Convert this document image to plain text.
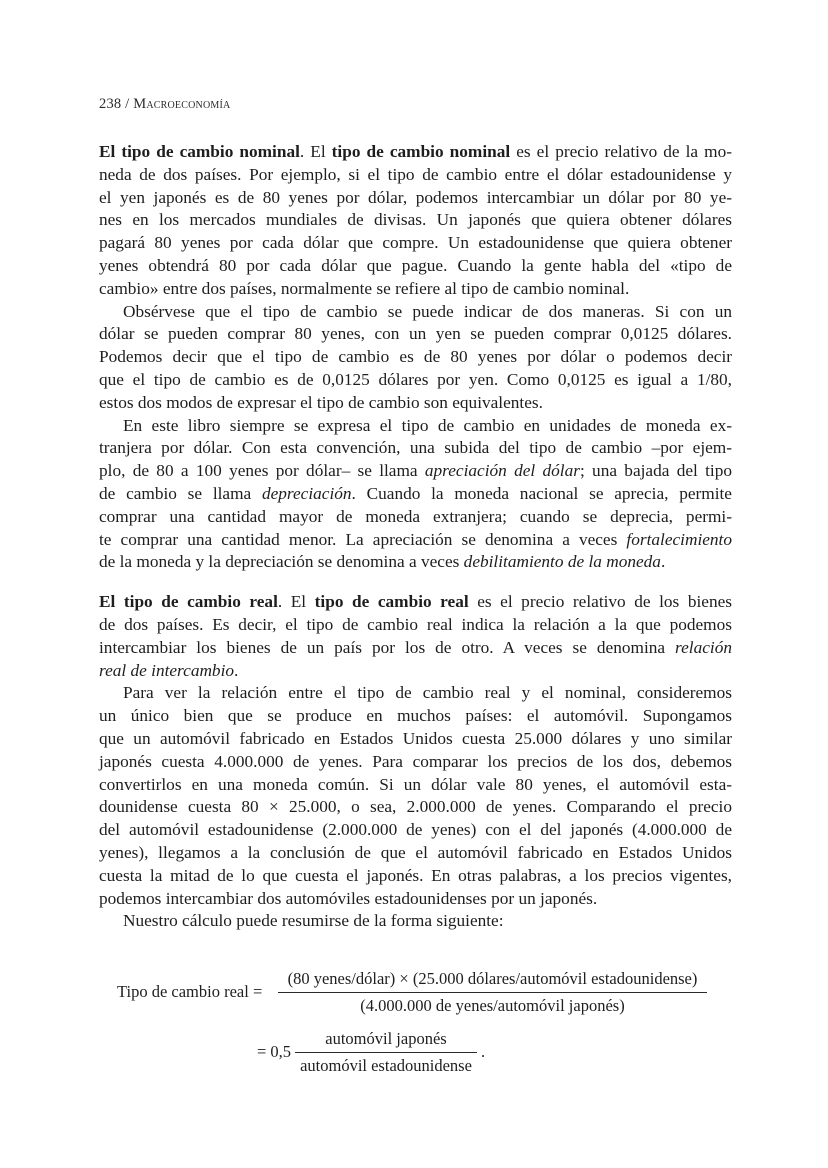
238 / Macroeconomía

El tipo de cambio nominal. El tipo de cambio nominal es el precio relativo de la mo-
neda de dos países. Por ejemplo, si el tipo de cambio entre el dólar estadounidense y
el yen japonés es de 80 yenes por dólar, podemos intercambiar un dólar por 80 ye-
nes en los mercados mundiales de divisas. Un japonés que quiera obtener dólares
pagará 80 yenes por cada dólar que compre. Un estadounidense que quiera obtener
yenes obtendrá 80 por cada dólar que pague. Cuando la gente habla del «tipo de
cambio» entre dos países, normalmente se refiere al tipo de cambio nominal.

Obsérvese que el tipo de cambio se puede indicar de dos maneras. Si con un
dólar se pueden comprar 80 yenes, con un yen se pueden comprar 0,0125 dólares.
Podemos decir que el tipo de cambio es de 80 yenes por dólar o podemos decir
que el tipo de cambio es de 0,0125 dólares por yen. Como 0,0125 es igual a 1/80,
estos dos modos de expresar el tipo de cambio son equivalentes.

En este libro siempre se expresa el tipo de cambio en unidades de moneda ex-
tranjera por dólar. Con esta convención, una subida del tipo de cambio –por ejem-
plo, de 80 a 100 yenes por dólar– se llama apreciación del dólar; una bajada del tipo
de cambio se llama depreciación. Cuando la moneda nacional se aprecia, permite
comprar una cantidad mayor de moneda extranjera; cuando se deprecia, permi-
te comprar una cantidad menor. La apreciación se denomina a veces fortalecimiento
de la moneda y la depreciación se denomina a veces debilitamiento de la moneda.

El tipo de cambio real. El tipo de cambio real es el precio relativo de los bienes
de dos países. Es decir, el tipo de cambio real indica la relación a la que podemos
intercambiar los bienes de un país por los de otro. A veces se denomina relación
real de intercambio.

Para ver la relación entre el tipo de cambio real y el nominal, consideremos
un único bien que se produce en muchos países: el automóvil. Supongamos
que un automóvil fabricado en Estados Unidos cuesta 25.000 dólares y uno similar
japonés cuesta 4.000.000 de yenes. Para comparar los precios de los dos, debemos
convertirlos en una moneda común. Si un dólar vale 80 yenes, el automóvil esta-
dounidense cuesta 80 × 25.000, o sea, 2.000.000 de yenes. Comparando el precio
del automóvil estadounidense (2.000.000 de yenes) con el del japonés (4.000.000 de
yenes), llegamos a la conclusión de que el automóvil fabricado en Estados Unidos
cuesta la mitad de lo que cuesta el japonés. En otras palabras, a los precios vigentes,
podemos intercambiar dos automóviles estadounidenses por un japonés.

Nuestro cálculo puede resumirse de la forma siguiente:

Tipo de cambio real =
(80 yenes/dólar) × (25.000 dólares/automóvil estadounidense)
(4.000.000 de yenes/automóvil japonés)
= 0,5
automóvil japonés
automóvil estadounidense
.
